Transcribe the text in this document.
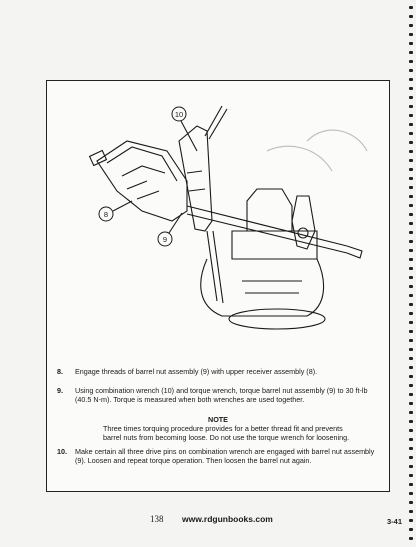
10
8
9
8. Engage threads of barrel nut assembly (9) with upper receiver assembly (8).
9. Using combination wrench (10) and torque wrench, torque barrel nut assembly (9) to 30 ft-lb (40.5 N-m). Torque is measured when both wrenches are used together.
NOTE
Three times torquing procedure provides for a better thread fit and prevents barrel nuts from becoming loose. Do not use the torque wrench for loosening.
10. Make certain all three drive pins on combination wrench are engaged with barrel nut assembly (9). Loosen and repeat torque operation. Then loosen the barrel nut again.
138 www.rdgunbooks.com	3-41
